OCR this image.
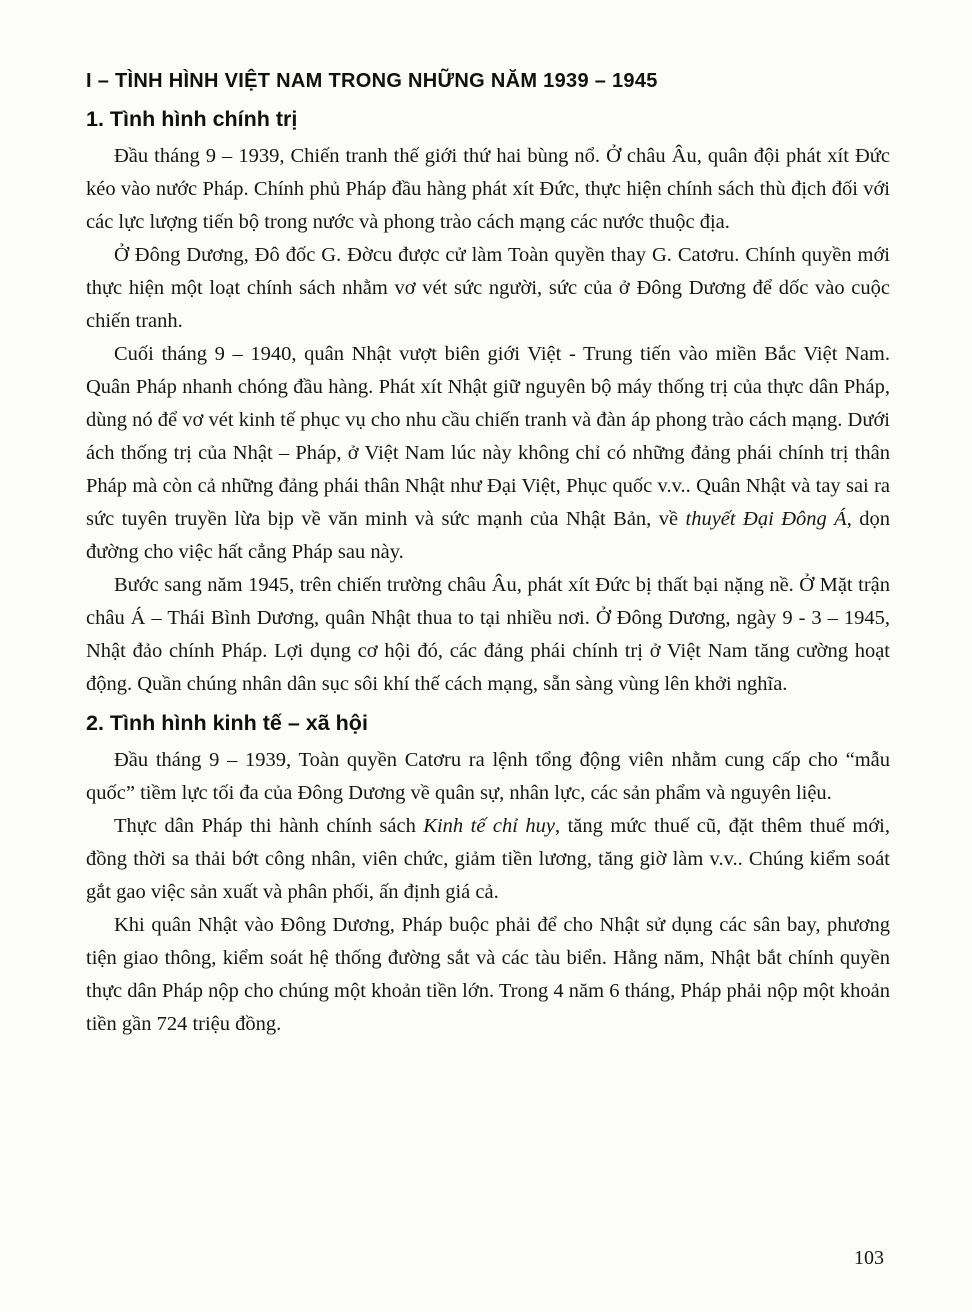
I – TÌNH HÌNH VIỆT NAM TRONG NHỮNG NĂM 1939 – 1945
1. Tình hình chính trị

Đầu tháng 9 – 1939, Chiến tranh thế giới thứ hai bùng nổ. Ở châu Âu, quân đội phát xít Đức kéo vào nước Pháp. Chính phủ Pháp đầu hàng phát xít Đức, thực hiện chính sách thù địch đối với các lực lượng tiến bộ trong nước và phong trào cách mạng các nước thuộc địa.

Ở Đông Dương, Đô đốc G. Đờcu được cử làm Toàn quyền thay G. Catơru. Chính quyền mới thực hiện một loạt chính sách nhằm vơ vét sức người, sức của ở Đông Dương để dốc vào cuộc chiến tranh.

Cuối tháng 9 – 1940, quân Nhật vượt biên giới Việt - Trung tiến vào miền Bắc Việt Nam. Quân Pháp nhanh chóng đầu hàng. Phát xít Nhật giữ nguyên bộ máy thống trị của thực dân Pháp, dùng nó để vơ vét kinh tế phục vụ cho nhu cầu chiến tranh và đàn áp phong trào cách mạng. Dưới ách thống trị của Nhật – Pháp, ở Việt Nam lúc này không chỉ có những đảng phái chính trị thân Pháp mà còn cả những đảng phái thân Nhật như Đại Việt, Phục quốc v.v.. Quân Nhật và tay sai ra sức tuyên truyền lừa bịp về văn minh và sức mạnh của Nhật Bản, về thuyết Đại Đông Á, dọn đường cho việc hất cẳng Pháp sau này.

Bước sang năm 1945, trên chiến trường châu Âu, phát xít Đức bị thất bại nặng nề. Ở Mặt trận châu Á – Thái Bình Dương, quân Nhật thua to tại nhiều nơi. Ở Đông Dương, ngày 9 - 3 – 1945, Nhật đảo chính Pháp. Lợi dụng cơ hội đó, các đảng phái chính trị ở Việt Nam tăng cường hoạt động. Quần chúng nhân dân sục sôi khí thế cách mạng, sẵn sàng vùng lên khởi nghĩa.

2. Tình hình kinh tế – xã hội

Đầu tháng 9 – 1939, Toàn quyền Catơru ra lệnh tổng động viên nhằm cung cấp cho “mẫu quốc” tiềm lực tối đa của Đông Dương về quân sự, nhân lực, các sản phẩm và nguyên liệu.

Thực dân Pháp thi hành chính sách Kinh tế chỉ huy, tăng mức thuế cũ, đặt thêm thuế mới, đồng thời sa thải bớt công nhân, viên chức, giảm tiền lương, tăng giờ làm v.v.. Chúng kiểm soát gắt gao việc sản xuất và phân phối, ấn định giá cả.

Khi quân Nhật vào Đông Dương, Pháp buộc phải để cho Nhật sử dụng các sân bay, phương tiện giao thông, kiểm soát hệ thống đường sắt và các tàu biển. Hằng năm, Nhật bắt chính quyền thực dân Pháp nộp cho chúng một khoản tiền lớn. Trong 4 năm 6 tháng, Pháp phải nộp một khoản tiền gần 724 triệu đồng.

103
